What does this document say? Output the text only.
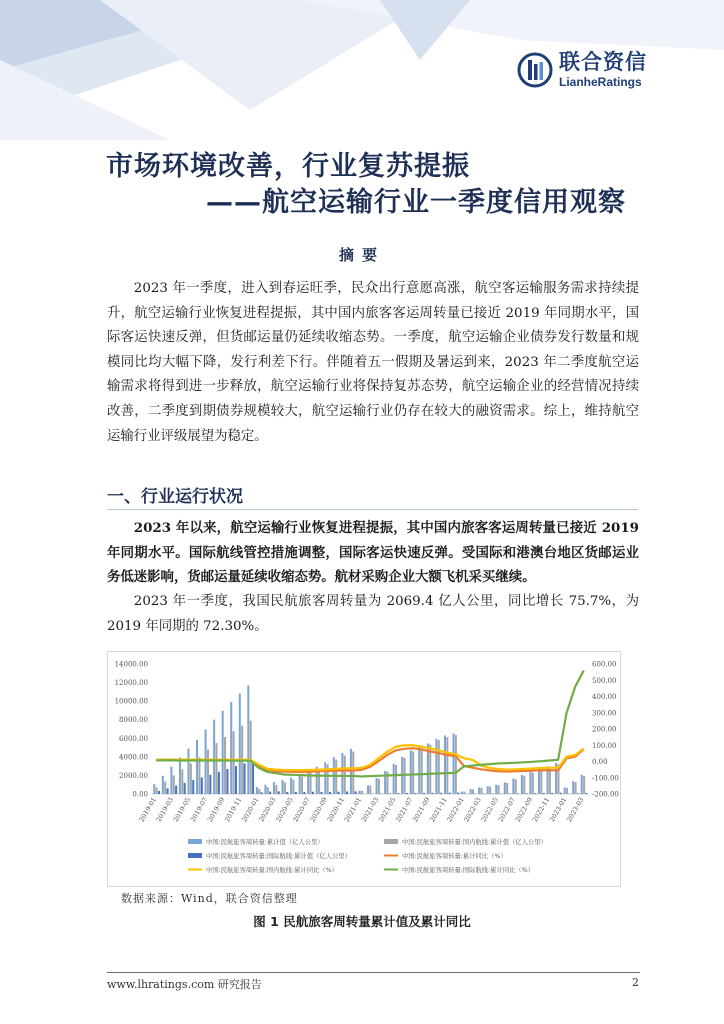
联合资信
LianheRatings
市场环境改善，行业复苏提振
——航空运输行业一季度信用观察
摘要

2023 年一季度，进入到春运旺季，民众出行意愿高涨，航空客运输服务需求持续提升，航空运输行业恢复进程提振，其中国内旅客客运周转量已接近 2019 年同期水平，国际客运快速反弹，但货邮运量仍延续收缩态势。一季度，航空运输企业债券发行数量和规模同比均大幅下降，发行利差下行。伴随着五一假期及暑运到来，2023 年二季度航空运输需求将得到进一步释放，航空运输行业将保持复苏态势，航空运输企业的经营情况持续改善，二季度到期债券规模较大，航空运输行业仍存在较大的融资需求。综上，维持航空运输行业评级展望为稳定。

一、行业运行状况

2023 年以来，航空运输行业恢复进程提振，其中国内旅客客运周转量已接近 2019 年同期水平。国际航线管控措施调整，国际客运快速反弹。受国际和港澳台地区货邮运业务低迷影响，货邮运量延续收缩态势。航材采购企业大额飞机采买继续。

2023 年一季度，我国民航旅客周转量为 2069.4 亿人公里，同比增长 75.7%，为 2019 年同期的 72.30%。

0.00
2000.00
4000.00
6000.00
8000.00
10000.00
12000.00
14000.00
-200.00
-100.00
0.00
100.00
200.00
300.00
400.00
500.00
600.00
2019-01
2019-03
2019-05
2019-07
2019-09
2019-11
2020-01
2020-03
2020-05
2020-07
2020-09
2020-11
2021-01
2021-03
2021-05
2021-07
2021-09
2021-11
2022-01
2022-03
2022-05
2022-07
2022-09
2022-11
2023-01
2023-03
中国:民航旅客周转量:累计值（亿人公里）	中国:民航旅客周转量:国内航线:累计值（亿人公里）
中国:民航旅客周转量:国际航线:累计值（亿人公里）	中国:民航旅客周转量:累计同比（%）
中国:民航旅客周转量:国内航线:累计同比（%）	中国:民航旅客周转量:国际航线:累计同比（%）
数据来源：Wind，联合资信整理
图 1 民航旅客周转量累计值及累计同比
www.lhratings.com 研究报告	2
